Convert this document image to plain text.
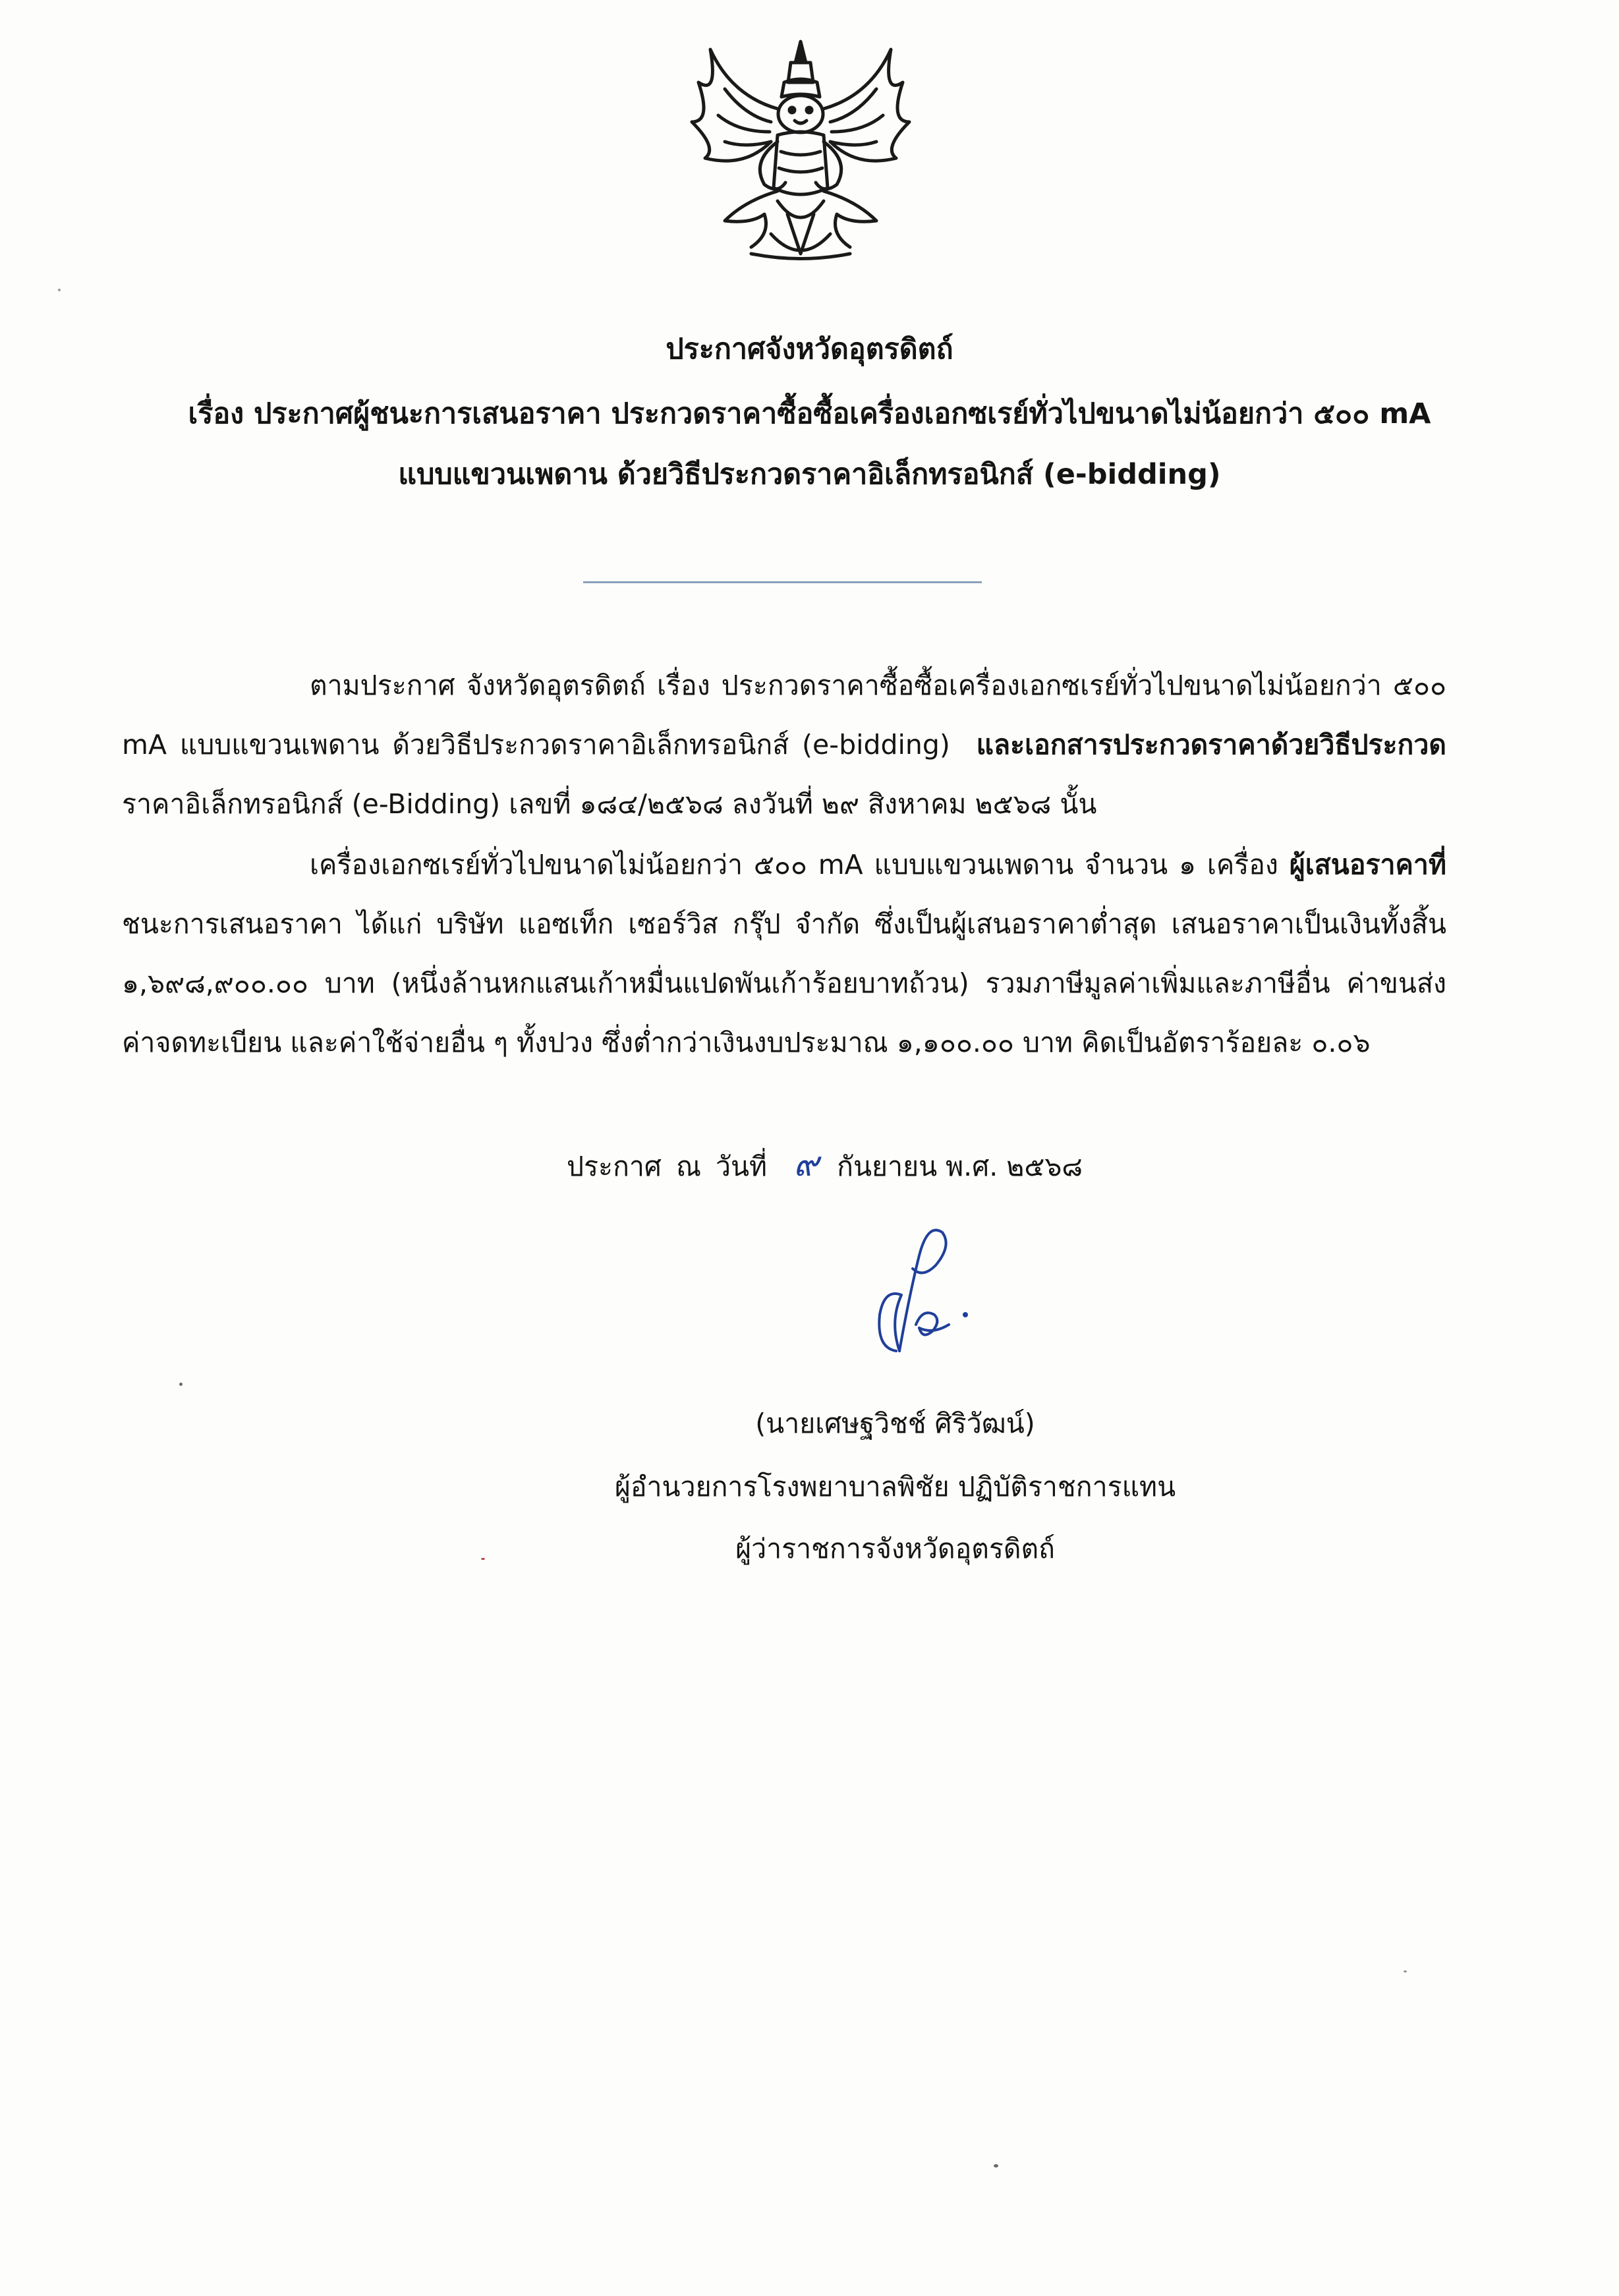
ประกาศจังหวัดอุตรดิตถ์
เรื่อง ประกาศผู้ชนะการเสนอราคา ประกวดราคาซื้อซื้อเครื่องเอกซเรย์ทั่วไปขนาดไม่น้อยกว่า ๕๐๐ mA
แบบแขวนเพดาน ด้วยวิธีประกวดราคาอิเล็กทรอนิกส์ (e-bidding)
ตามประกาศ จังหวัดอุตรดิตถ์ เรื่อง ประกวดราคาซื้อซื้อเครื่องเอกซเรย์ทั่วไปขนาดไม่น้อยกว่า ๕๐๐
mA แบบแขวนเพดาน ด้วยวิธีประกวดราคาอิเล็กทรอนิกส์ (e-bidding) และเอกสารประกวดราคาด้วยวิธีประกวด
ราคาอิเล็กทรอนิกส์ (e-Bidding) เลขที่ ๑๘๔/๒๕๖๘ ลงวันที่ ๒๙ สิงหาคม ๒๕๖๘ นั้น
เครื่องเอกซเรย์ทั่วไปขนาดไม่น้อยกว่า ๕๐๐ mA แบบแขวนเพดาน จำนวน ๑ เครื่อง ผู้เสนอราคาที่
ชนะการเสนอราคา ได้แก่ บริษัท แอซเท็ก เซอร์วิส กรุ๊ป จำกัด ซึ่งเป็นผู้เสนอราคาต่ำสุด เสนอราคาเป็นเงินทั้งสิ้น
๑,๖๙๘,๙๐๐.๐๐ บาท (หนึ่งล้านหกแสนเก้าหมื่นแปดพันเก้าร้อยบาทถ้วน) รวมภาษีมูลค่าเพิ่มและภาษีอื่น ค่าขนส่ง
ค่าจดทะเบียน และค่าใช้จ่ายอื่น ๆ ทั้งปวง ซึ่งต่ำกว่าเงินงบประมาณ ๑,๑๐๐.๐๐ บาท คิดเป็นอัตราร้อยละ ๐.๐๖
ประกาศ ณ วันที่ ๙ กันยายน พ.ศ. ๒๕๖๘
(นายเศษฐวิชช์ ศิริวัฒน์)
ผู้อำนวยการโรงพยาบาลพิชัย ปฏิบัติราชการแทน
ผู้ว่าราชการจังหวัดอุตรดิตถ์
